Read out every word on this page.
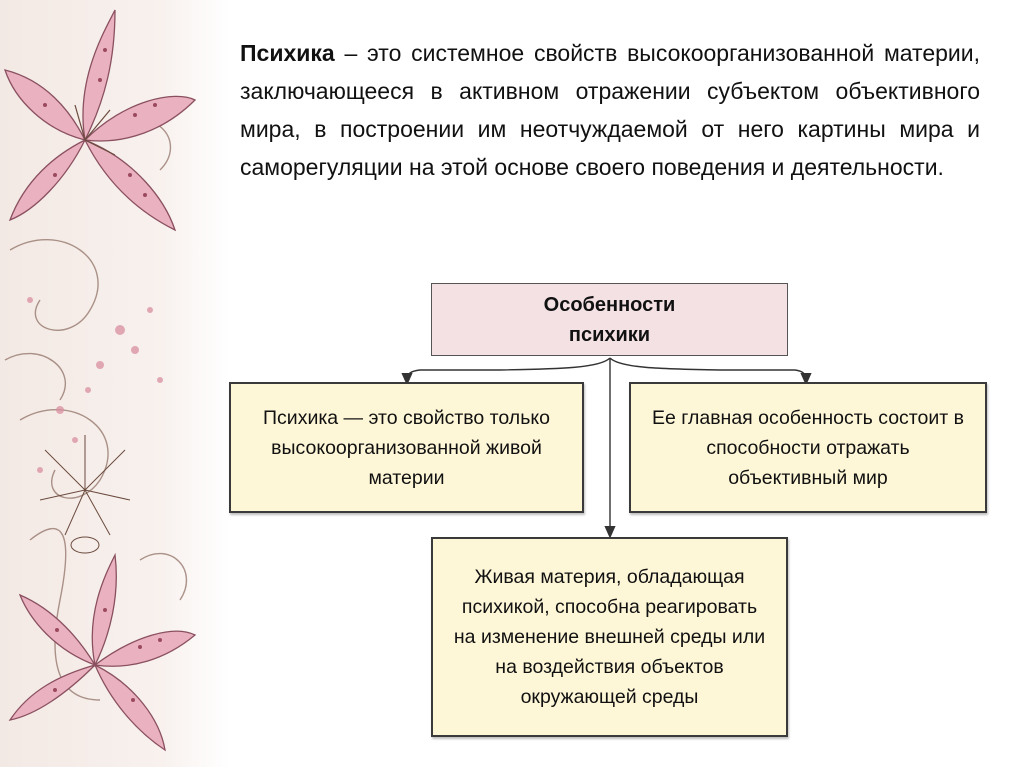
Психика – это системное свойств высокоорганизованной материи, заключающееся в активном отражении субъектом объективного мира, в построении им неотчуждаемой от него картины мира и саморегуляции на этой основе своего поведения и деятельности.
Особенности психики
Психика — это свойство только высокоорганизованной живой материи
Ее главная особенность состоит в способности отражать объективный мир
Живая материя, обладающая психикой, способна реагировать на изменение внешней среды или на воздействия объектов окружающей среды
